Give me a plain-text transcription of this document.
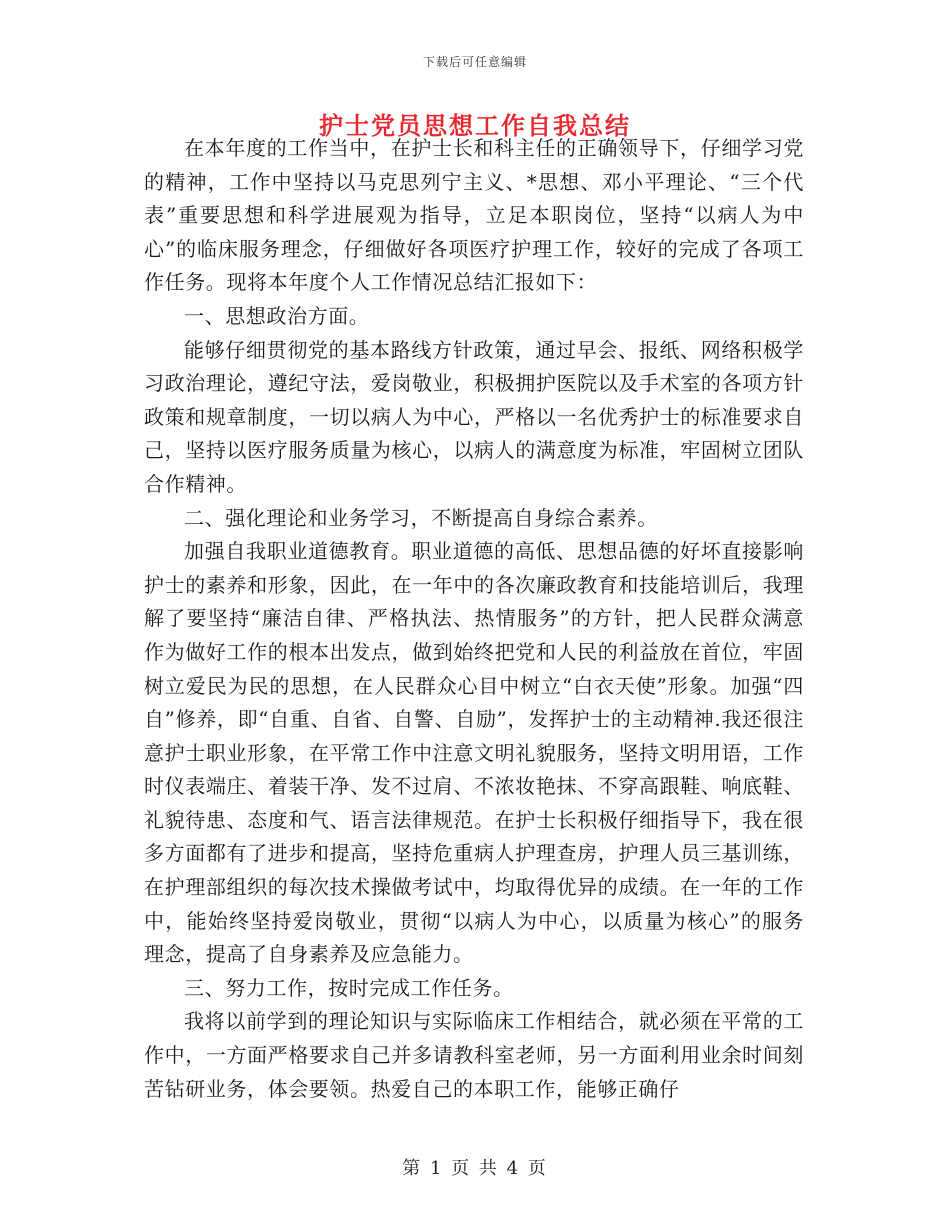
下载后可任意编辑
护士党员思想工作自我总结

在本年度的工作当中，在护士长和科主任的正确领导下，仔细学习党的精神，工作中坚持以马克思列宁主义、*思想、邓小平理论、“三个代表”重要思想和科学进展观为指导，立足本职岗位，坚持“以病人为中心”的临床服务理念，仔细做好各项医疗护理工作，较好的完成了各项工作任务。现将本年度个人工作情况总结汇报如下：

一、思想政治方面。

能够仔细贯彻党的基本路线方针政策，通过早会、报纸、网络积极学习政治理论，遵纪守法，爱岗敬业，积极拥护医院以及手术室的各项方针政策和规章制度，一切以病人为中心，严格以一名优秀护士的标准要求自己，坚持以医疗服务质量为核心，以病人的满意度为标准，牢固树立团队合作精神。

二、强化理论和业务学习，不断提高自身综合素养。

加强自我职业道德教育。职业道德的高低、思想品德的好坏直接影响护士的素养和形象，因此，在一年中的各次廉政教育和技能培训后，我理解了要坚持“廉洁自律、严格执法、热情服务”的方针，把人民群众满意作为做好工作的根本出发点，做到始终把党和人民的利益放在首位，牢固树立爱民为民的思想，在人民群众心目中树立“白衣天使”形象。加强“四自”修养，即“自重、自省、自警、自励”，发挥护士的主动精神.我还很注意护士职业形象，在平常工作中注意文明礼貌服务，坚持文明用语，工作时仪表端庄、着装干净、发不过肩、不浓妆艳抹、不穿高跟鞋、响底鞋、礼貌待患、态度和气、语言法律规范。在护士长积极仔细指导下，我在很多方面都有了进步和提高，坚持危重病人护理查房，护理人员三基训练，在护理部组织的每次技术操做考试中，均取得优异的成绩。在一年的工作中，能始终坚持爱岗敬业，贯彻“以病人为中心，以质量为核心”的服务理念，提高了自身素养及应急能力。

三、努力工作，按时完成工作任务。

我将以前学到的理论知识与实际临床工作相结合，就必须在平常的工作中，一方面严格要求自己并多请教科室老师，另一方面利用业余时间刻苦钻研业务，体会要领。热爱自己的本职工作，能够正确仔

第 1 页 共 4 页
